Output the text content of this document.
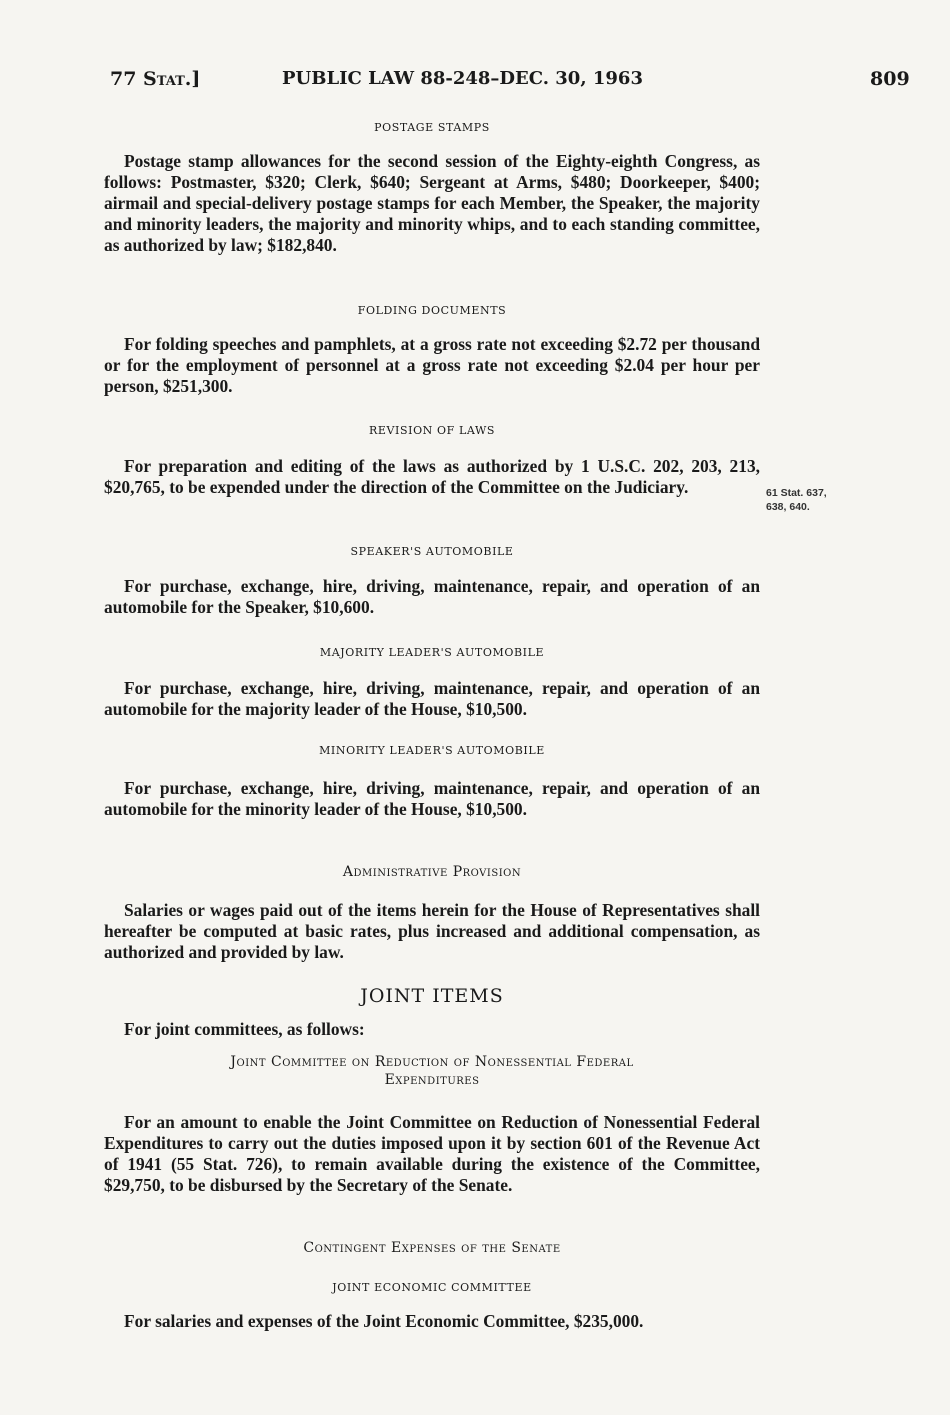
77 Stat.]	PUBLIC LAW 88-248–DEC. 30, 1963	809
POSTAGE STAMPS

Postage stamp allowances for the second session of the Eighty-eighth Congress, as follows: Postmaster, $320; Clerk, $640; Sergeant at Arms, $480; Doorkeeper, $400; airmail and special-delivery postage stamps for each Member, the Speaker, the majority and minority leaders, the majority and minority whips, and to each standing committee, as authorized by law; $182,840.

FOLDING DOCUMENTS

For folding speeches and pamphlets, at a gross rate not exceeding $2.72 per thousand or for the employment of personnel at a gross rate not exceeding $2.04 per hour per person, $251,300.

REVISION OF LAWS

For preparation and editing of the laws as authorized by 1 U.S.C. 202, 203, 213, $20,765, to be expended under the direction of the Committee on the Judiciary.	61 Stat. 637,
638, 640.
SPEAKER'S AUTOMOBILE

For purchase, exchange, hire, driving, maintenance, repair, and operation of an automobile for the Speaker, $10,600.

MAJORITY LEADER'S AUTOMOBILE

For purchase, exchange, hire, driving, maintenance, repair, and operation of an automobile for the majority leader of the House, $10,500.

MINORITY LEADER'S AUTOMOBILE

For purchase, exchange, hire, driving, maintenance, repair, and operation of an automobile for the minority leader of the House, $10,500.

Administrative Provision

Salaries or wages paid out of the items herein for the House of Representatives shall hereafter be computed at basic rates, plus increased and additional compensation, as authorized and provided by law.

JOINT ITEMS

For joint committees, as follows:

Joint Committee on Reduction of Nonessential Federal
Expenditures

For an amount to enable the Joint Committee on Reduction of Nonessential Federal Expenditures to carry out the duties imposed upon it by section 601 of the Revenue Act of 1941 (55 Stat. 726), to remain available during the existence of the Committee, $29,750, to be disbursed by the Secretary of the Senate.

Contingent Expenses of the Senate
JOINT ECONOMIC COMMITTEE

For salaries and expenses of the Joint Economic Committee, $235,000.
